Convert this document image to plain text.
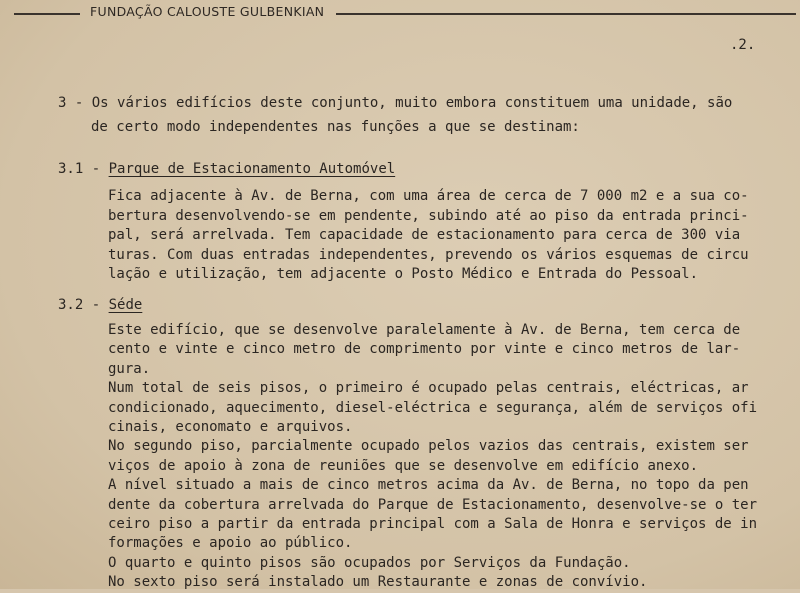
FUNDAÇÃO CALOUSTE GULBENKIAN
.2.
3 - Os vários edifícios deste conjunto, muito embora constituem uma unidade, são
de certo modo independentes nas funções a que se destinam:
3.1 - Parque de Estacionamento Automóvel
Fica adjacente à Av. de Berna, com uma área de cerca de 7 000 m2 e a sua co-
bertura desenvolvendo-se em pendente, subindo até ao piso da entrada princi-
pal, será arrelvada. Tem capacidade de estacionamento para cerca de 300 via
turas. Com duas entradas independentes, prevendo os vários esquemas de circu
lação e utilização, tem adjacente o Posto Médico e Entrada do Pessoal.
3.2 - Séde
Este edifício, que se desenvolve paralelamente à Av. de Berna, tem cerca de
cento e vinte e cinco metro de comprimento por vinte e cinco metros de lar-
gura.
Num total de seis pisos, o primeiro é ocupado pelas centrais, eléctricas, ar
condicionado, aquecimento, diesel-eléctrica e segurança, além de serviços ofi
cinais, economato e arquivos.
No segundo piso, parcialmente ocupado pelos vazios das centrais, existem ser
viços de apoio à zona de reuniões que se desenvolve em edifício anexo.
A nível situado a mais de cinco metros acima da Av. de Berna, no topo da pen
dente da cobertura arrelvada do Parque de Estacionamento, desenvolve-se o ter
ceiro piso a partir da entrada principal com a Sala de Honra e serviços de in
formações e apoio ao público.
O quarto e quinto pisos são ocupados por Serviços da Fundação.
No sexto piso será instalado um Restaurante e zonas de convívio.
